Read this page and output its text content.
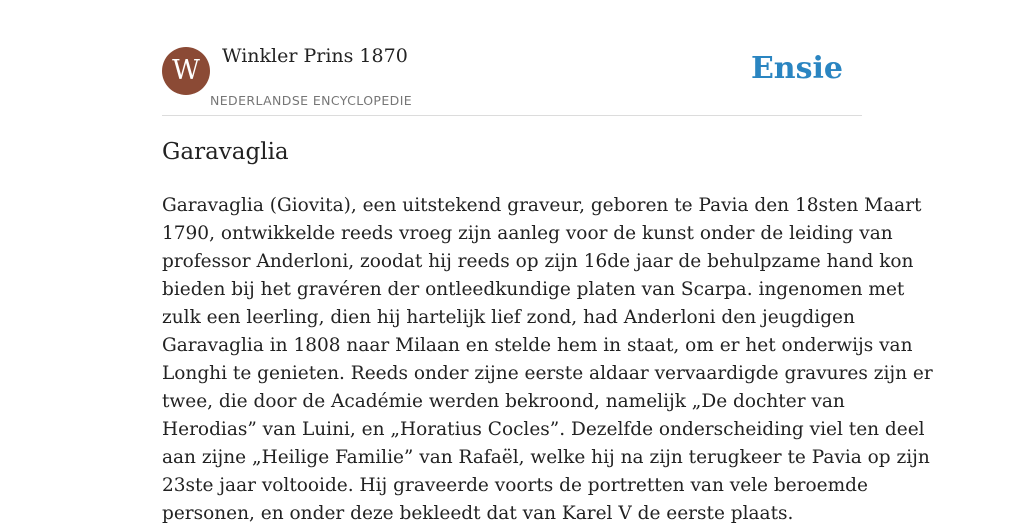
W	Winkler Prins 1870
NEDERLANDSE ENCYCLOPEDIE
Ensie
Garavaglia
Garavaglia (Giovita), een uitstekend graveur, geboren te Pavia den 18sten Maart
1790, ontwikkelde reeds vroeg zijn aanleg voor de kunst onder de leiding van
professor Anderloni, zoodat hij reeds op zijn 16de jaar de behulpzame hand kon
bieden bij het gravéren der ontleedkundige platen van Scarpa. ingenomen met
zulk een leerling, dien hij hartelijk lief zond, had Anderloni den jeugdigen
Garavaglia in 1808 naar Milaan en stelde hem in staat, om er het onderwijs van
Longhi te genieten. Reeds onder zijne eerste aldaar vervaardigde gravures zijn er
twee, die door de Académie werden bekroond, namelijk „De dochter van
Herodias” van Luini, en „Horatius Cocles”. Dezelfde onderscheiding viel ten deel
aan zijne „Heilige Familie” van Rafaël, welke hij na zijn terugkeer te Pavia op zijn
23ste jaar voltooide. Hij graveerde voorts de portretten van vele beroemde
personen, en onder deze bekleedt dat van Karel V de eerste plaats.
